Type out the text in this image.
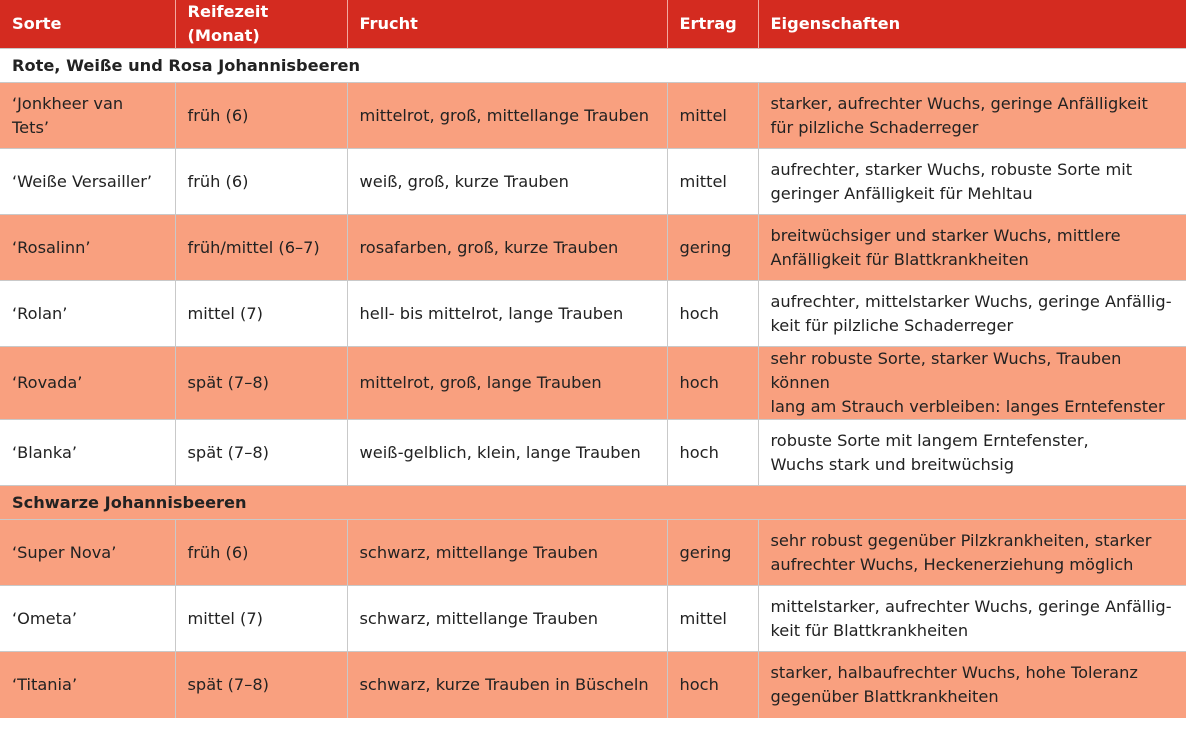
Sorte	Reifezeit (Monat)	Frucht	Ertrag	Eigenschaften
Rote, Weiße und Rosa Johannisbeeren				
‘Jonkheer van Tets’	früh (6)	mittelrot, groß, mittellange Trauben	mittel	starker, aufrechter Wuchs, geringe Anfälligkeit
für pilzliche Schaderreger

‘Weiße Versailler’	früh (6)	weiß, groß, kurze Trauben	mittel	aufrechter, starker Wuchs, robuste Sorte mit
geringer Anfälligkeit für Mehltau

‘Rosalinn’	früh/mittel (6–7)	rosafarben, groß, kurze Trauben	gering	breitwüchsiger und starker Wuchs, mittlere
Anfälligkeit für Blattkrankheiten

‘Rolan’	mittel (7)	hell- bis mittelrot, lange Trauben	hoch	aufrechter, mittelstarker Wuchs, geringe Anfällig-
keit für pilzliche Schaderreger

‘Rovada’	spät (7–8)	mittelrot, groß, lange Trauben	hoch	sehr robuste Sorte, starker Wuchs, Trauben können
lang am Strauch verbleiben: langes Erntefenster

‘Blanka’	spät (7–8)	weiß-gelblich, klein, lange Trauben	hoch	robuste Sorte mit langem Erntefenster,
Wuchs stark und breitwüchsig

Schwarze Johannisbeeren				
‘Super Nova’	früh (6)	schwarz, mittellange Trauben	gering	sehr robust gegenüber Pilzkrankheiten, starker
aufrechter Wuchs, Heckenerziehung möglich

‘Ometa’	mittel (7)	schwarz, mittellange Trauben	mittel	mittelstarker, aufrechter Wuchs, geringe Anfällig-
keit für Blattkrankheiten

‘Titania’	spät (7–8)	schwarz, kurze Trauben in Büscheln	hoch	starker, halbaufrechter Wuchs, hohe Toleranz
gegenüber Blattkrankheiten
